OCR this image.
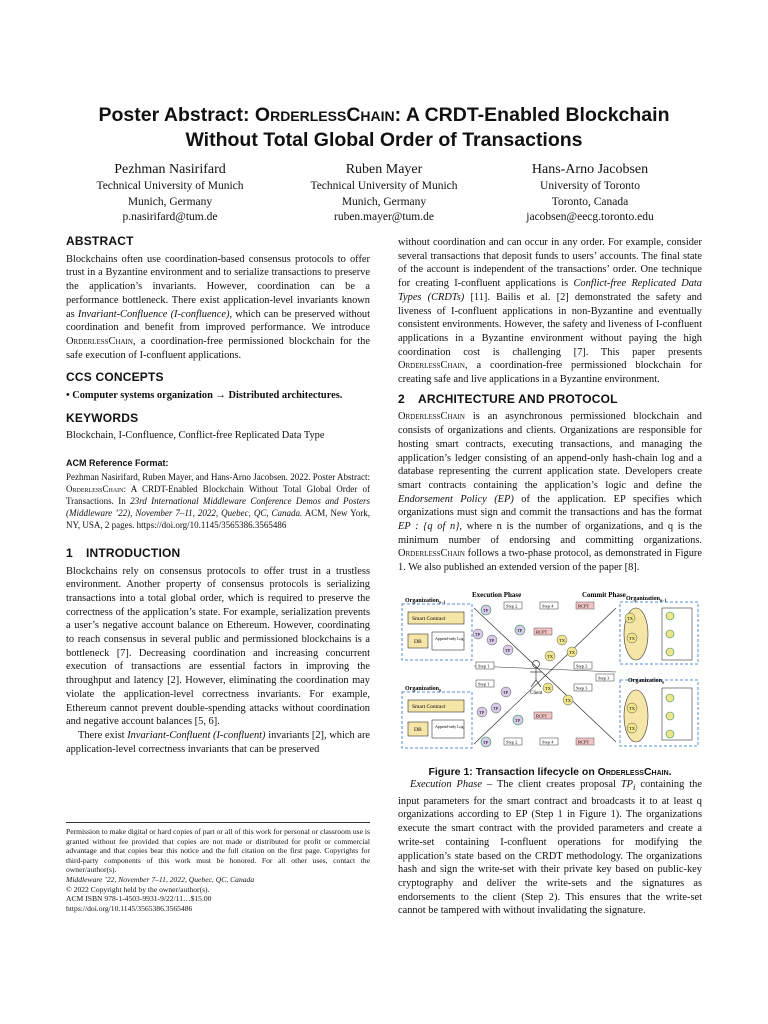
Poster Abstract: OrderlessChain: A CRDT-Enabled Blockchain
Without Total Global Order of Transactions
Pezhman Nasirifard
Technical University of Munich
Munich, Germany
p.nasirifard@tum.de
Ruben Mayer
Technical University of Munich
Munich, Germany
ruben.mayer@tum.de
Hans-Arno Jacobsen
University of Toronto
Toronto, Canada
jacobsen@eecg.toronto.edu
ABSTRACT

Blockchains often use coordination-based consensus protocols to offer trust in a Byzantine environment and to serialize transactions to preserve the application’s invariants. However, coordination can be a performance bottleneck. There exist application-level invariants known as Invariant-Confluence (I-confluence), which can be preserved without coordination and benefit from improved performance. We introduce OrderlessChain, a coordination-free permissioned blockchain for the safe execution of I-confluent applications.

CCS CONCEPTS

• Computer systems organization → Distributed architectures.

KEYWORDS

Blockchain, I-Confluence, Conflict-free Replicated Data Type

ACM Reference Format:

Pezhman Nasirifard, Ruben Mayer, and Hans-Arno Jacobsen. 2022. Poster Abstract: OrderlessChain: A CRDT-Enabled Blockchain Without Total Global Order of Transactions. In 23rd International Middleware Conference Demos and Posters (Middleware ’22), November 7–11, 2022, Quebec, QC, Canada. ACM, New York, NY, USA, 2 pages. https://doi.org/10.1145/3565386.3565486

1 INTRODUCTION

Blockchains rely on consensus protocols to offer trust in a trustless environment. Another property of consensus protocols is serializing transactions into a total global order, which is required to preserve the correctness of the application’s state. For example, serialization prevents a user’s negative account balance on Ethereum. However, coordinating to reach consensus in several public and permissioned blockchains is a bottleneck [7]. Decreasing coordination and increasing concurrent execution of transactions are essential factors in improving the throughput and latency [2]. However, eliminating the coordination may violate the application-level correctness invariants. For example, Ethereum cannot prevent double-spending attacks without coordination and negative account balances [5, 6].

There exist Invariant-Confluent (I-confluent) invariants [2], which are application-level correctness invariants that can be preserved

Permission to make digital or hard copies of part or all of this work for personal or classroom use is granted without fee provided that copies are not made or distributed for profit or commercial advantage and that copies bear this notice and the full citation on the first page. Copyrights for third-party components of this work must be honored. For all other uses, contact the owner/author(s).

Middleware ’22, November 7–11, 2022, Quebec, QC, Canada

© 2022 Copyright held by the owner/author(s).

ACM ISBN 978-1-4503-9931-9/22/11…$15.00

https://doi.org/10.1145/3565386.3565486

without coordination and can occur in any order. For example, consider several transactions that deposit funds to users’ accounts. The final state of the account is independent of the transactions’ order. One technique for creating I-confluent applications is Conflict-free Replicated Data Types (CRDTs) [11]. Bailis et al. [2] demonstrated the safety and liveness of I-confluent applications in non-Byzantine and eventually consistent environments. However, the safety and liveness of I-confluent applications in a Byzantine environment without paying the high coordination cost is challenging [7]. This paper presents OrderlessChain, a coordination-free permissioned blockchain for creating safe and live applications in a Byzantine environment.

2 ARCHITECTURE AND PROTOCOL

OrderlessChain is an asynchronous permissioned blockchain and consists of organizations and clients. Organizations are responsible for hosting smart contracts, executing transactions, and managing the application’s ledger consisting of an append-only hash-chain log and a database representing the current application state. Developers create smart contracts containing the application’s logic and define the Endorsement Policy (EP) of the application. EP specifies which organizations must sign and commit the transactions and has the format EP : {q of n}, where n is the number of organizations, and q is the minimum number of endorsing and committing organizations. OrderlessChain follows a two-phase protocol, as demonstrated in Figure 1. We also published an extended version of the paper [8].

Execution Phase	Commit Phase
Organization$_{n-1}$
Smart Contract
DB
Append-only Log
Organization$_n$
Smart Contract
DB
Append-only Log
Organization$_{n-1}$
Organization$_n$
Step 2	Step 4
Step 1
Step 1
Step 3
Step 3
Step 3
Step 2	Step 4
TP
TP
TP
TP
TP
TP
TP
TP
TP
TP
TX
TX
TX
TX
TX
TX
TX
TX
TX
RCPT
RCPT
RCPT
RCPT
Client
Figure 1: Transaction lifecycle on OrderlessChain.

Execution Phase – The client creates proposal $TP_i$ containing the input parameters for the smart contract and broadcasts it to at least q organizations according to EP (Step 1 in Figure 1). The organizations execute the smart contract with the provided parameters and create a write-set containing I-confluent operations for modifying the application’s state based on the CRDT methodology. The organizations hash and sign the write-set with their private key based on public-key cryptography and deliver the write-sets and the signatures as endorsements to the client (Step 2). This ensures that the write-set cannot be tampered with without invalidating the signature.
